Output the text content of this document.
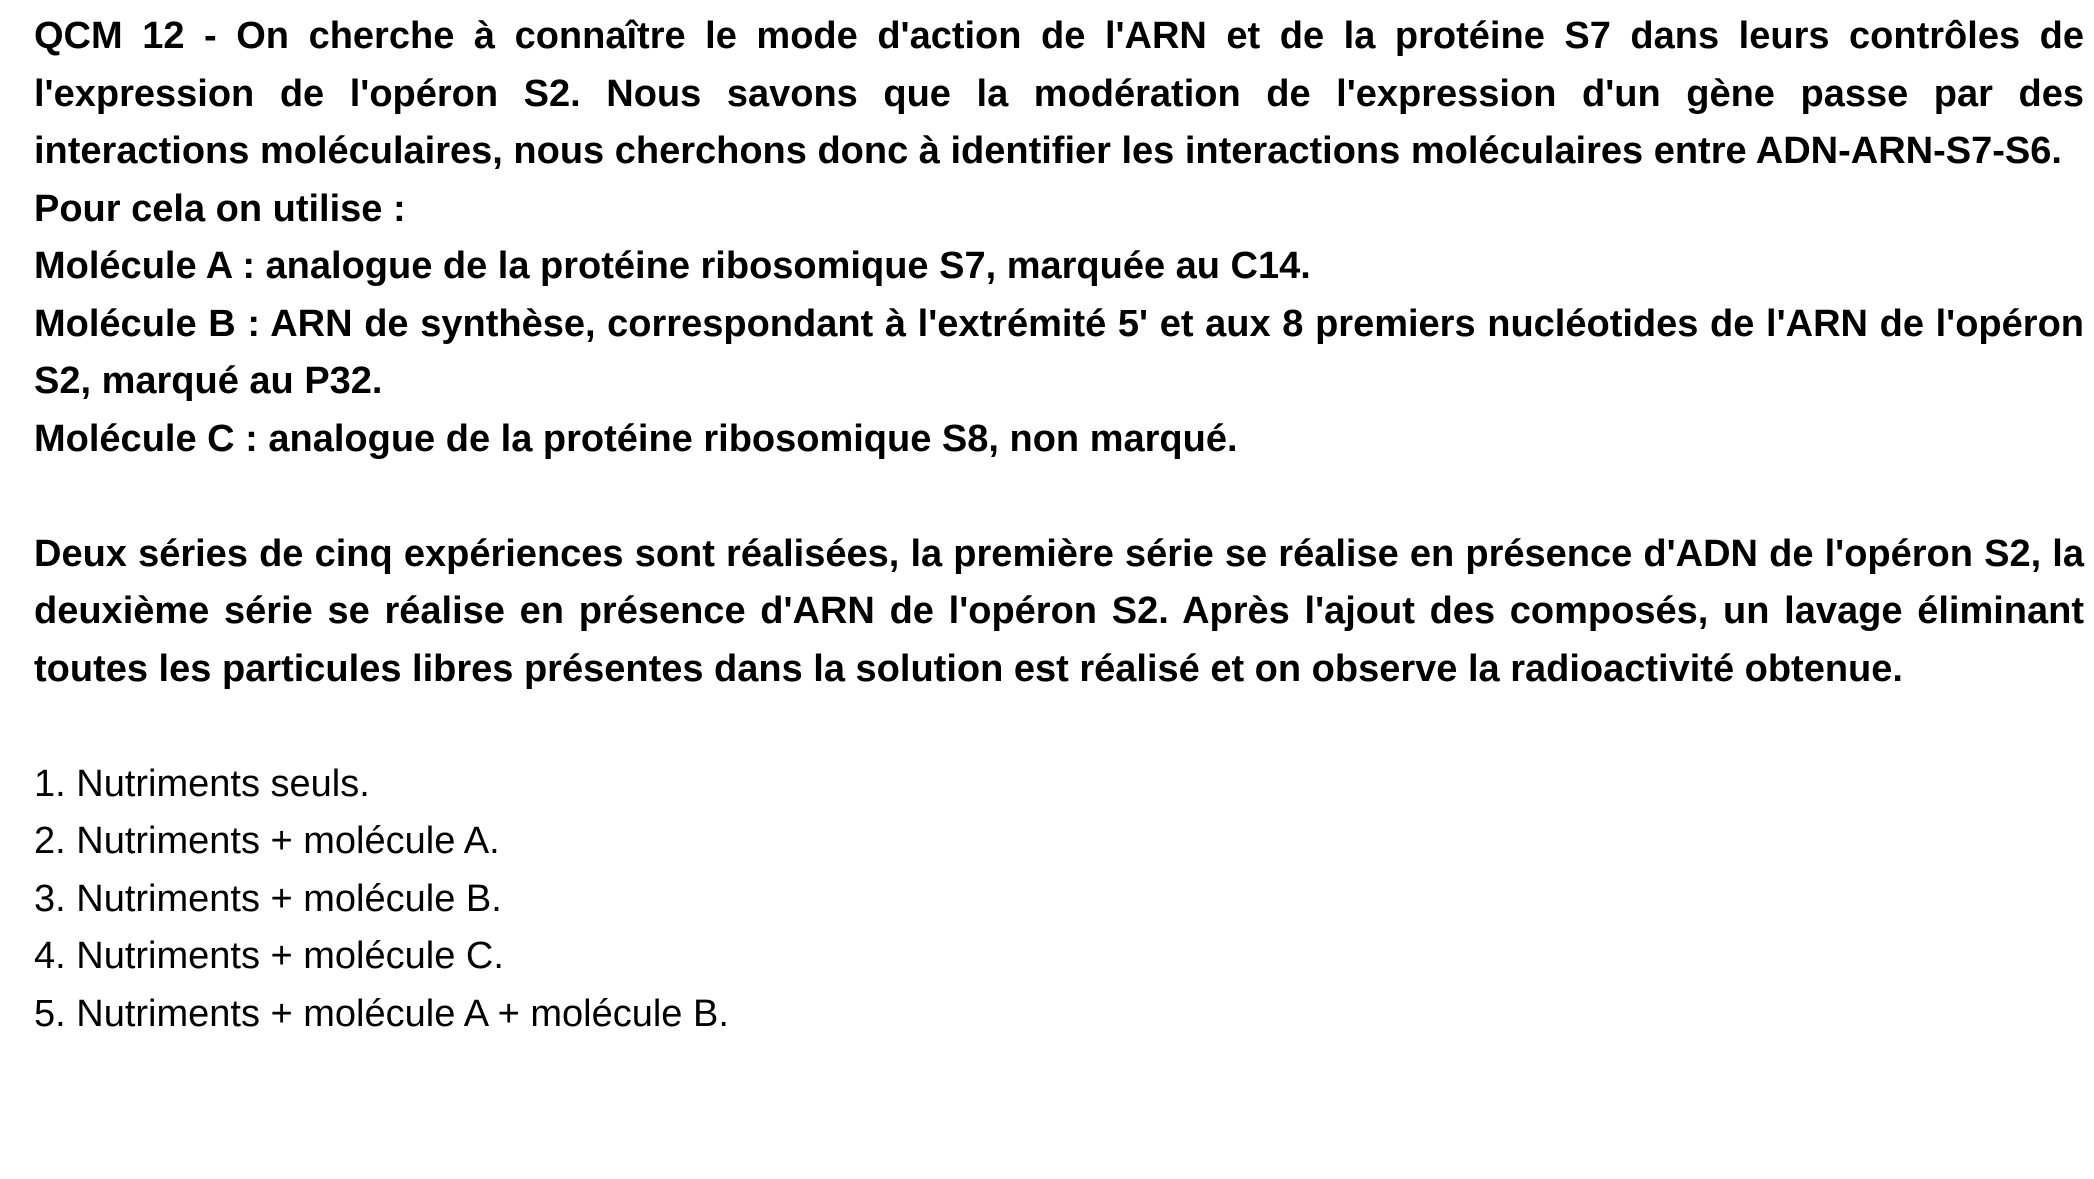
QCM 12 - On cherche à connaître le mode d'action de l'ARN et de la protéine S7 dans leurs contrôles de l'expression de l'opéron S2. Nous savons que la modération de l'expression d'un gène passe par des interactions moléculaires, nous cherchons donc à identifier les interactions moléculaires entre ADN-ARN-S7-S6.

Pour cela on utilise :

Molécule A : analogue de la protéine ribosomique S7, marquée au C14.

Molécule B : ARN de synthèse, correspondant à l'extrémité 5' et aux 8 premiers nucléotides de l'ARN de l'opéron S2, marqué au P32.

Molécule C : analogue de la protéine ribosomique S8, non marqué.

Deux séries de cinq expériences sont réalisées, la première série se réalise en présence d'ADN de l'opéron S2, la deuxième série se réalise en présence d'ARN de l'opéron S2. Après l'ajout des composés, un lavage éliminant toutes les particules libres présentes dans la solution est réalisé et on observe la radioactivité obtenue.

1. Nutriments seuls.

2. Nutriments + molécule A.

3. Nutriments + molécule B.

4. Nutriments + molécule C.

5. Nutriments + molécule A + molécule B.
